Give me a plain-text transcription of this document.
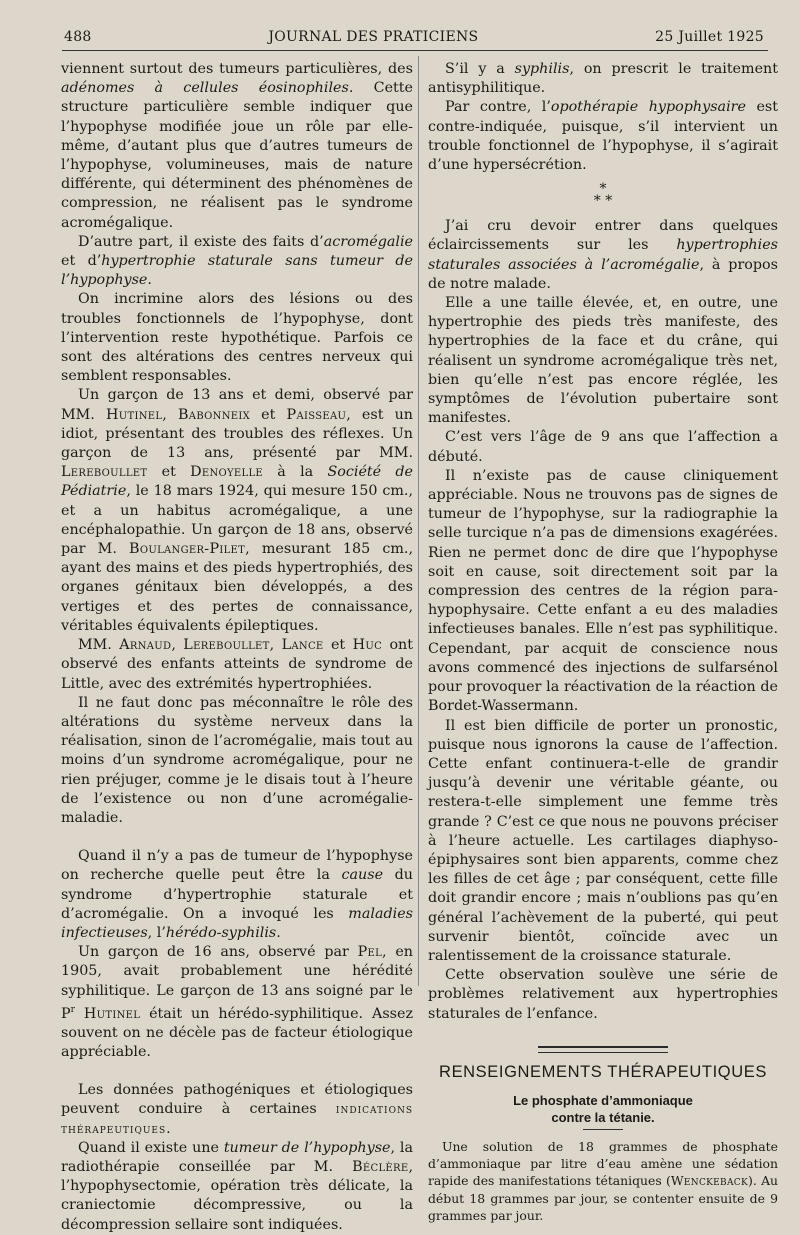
488	JOURNAL DES PRATICIENS	25 Juillet 1925

viennent surtout des tumeurs particulières, des adénomes à cellules éosinophiles. Cette structure particulière semble indiquer que l’hypophyse modifiée joue un rôle par elle-même, d’autant plus que d’autres tumeurs de l’hypophyse, volumineuses, mais de nature différente, qui déterminent des phénomènes de compression, ne réalisent pas le syndrome acromégalique.

D’autre part, il existe des faits d’acromégalie et d’hypertrophie staturale sans tumeur de l’hypophyse.

On incrimine alors des lésions ou des troubles fonctionnels de l’hypophyse, dont l’intervention reste hypothétique. Parfois ce sont des altérations des centres nerveux qui semblent responsables.

Un garçon de 13 ans et demi, observé par MM. Hutinel, Babonneix et Paisseau, est un idiot, présentant des troubles des réflexes. Un garçon de 13 ans, présenté par MM. Lereboullet et Denoyelle à la Société de Pédiatrie, le 18 mars 1924, qui mesure 150 cm., et a un habitus acromégalique, a une encéphalopathie. Un garçon de 18 ans, observé par M. Boulanger-Pilet, mesurant 185 cm., ayant des mains et des pieds hypertrophiés, des organes génitaux bien développés, a des vertiges et des pertes de connaissance, véritables équivalents épileptiques.

MM. Arnaud, Lereboullet, Lance et Huc ont observé des enfants atteints de syndrome de Little, avec des extrémités hypertrophiées.

Il ne faut donc pas méconnaître le rôle des altérations du système nerveux dans la réalisation, sinon de l’acromégalie, mais tout au moins d’un syndrome acromégalique, pour ne rien préjuger, comme je le disais tout à l’heure de l’existence ou non d’une acromégalie-maladie.

Quand il n’y a pas de tumeur de l’hypophyse on recherche quelle peut être la cause du syndrome d’hypertrophie staturale et d’acromégalie. On a invoqué les maladies infectieuses, l’hérédo-syphilis.

Un garçon de 16 ans, observé par Pel, en 1905, avait probablement une hérédité syphilitique. Le garçon de 13 ans soigné par le $P^r$ Hutinel était un hérédo-syphilitique. Assez souvent on ne décèle pas de facteur étiologique appréciable.

Les données pathogéniques et étiologiques peuvent conduire à certaines indications thérapeutiques.

Quand il existe une tumeur de l’hypophyse, la radiothérapie conseillée par M. Béclère, l’hypophysectomie, opération très délicate, la craniectomie décompressive, ou la décompression sellaire sont indiquées.

S’il y a syphilis, on prescrit le traitement antisyphilitique.

Par contre, l’opothérapie hypophysaire est contre-indiquée, puisque, s’il intervient un trouble fonctionnel de l’hypophyse, il s’agirait d’une hypersécrétion.

*
* *

J’ai cru devoir entrer dans quelques éclaircissements sur les hypertrophies staturales associées à l’acromégalie, à propos de notre malade.

Elle a une taille élevée, et, en outre, une hypertrophie des pieds très manifeste, des hypertrophies de la face et du crâne, qui réalisent un syndrome acromégalique très net, bien qu’elle n’est pas encore réglée, les symptômes de l’évolution pubertaire sont manifestes.

C’est vers l’âge de 9 ans que l’affection a débuté.

Il n’existe pas de cause cliniquement appréciable. Nous ne trouvons pas de signes de tumeur de l’hypophyse, sur la radiographie la selle turcique n’a pas de dimensions exagérées. Rien ne permet donc de dire que l’hypophyse soit en cause, soit directement soit par la compression des centres de la région para-hypophysaire. Cette enfant a eu des maladies infectieuses banales. Elle n’est pas syphilitique. Cependant, par acquit de conscience nous avons commencé des injections de sulfarsénol pour provoquer la réactivation de la réaction de Bordet-Wassermann.

Il est bien difficile de porter un pronostic, puisque nous ignorons la cause de l’affection. Cette enfant continuera-t-elle de grandir jusqu’à devenir une véritable géante, ou restera-t-elle simplement une femme très grande ? C’est ce que nous ne pouvons préciser à l’heure actuelle. Les cartilages diaphyso-épiphysaires sont bien apparents, comme chez les filles de cet âge ; par conséquent, cette fille doit grandir encore ; mais n’oublions pas qu’en général l’achèvement de la puberté, qui peut survenir bientôt, coïncide avec un ralentissement de la croissance staturale.

Cette observation soulève une série de problèmes relativement aux hypertrophies staturales de l’enfance.

RENSEIGNEMENTS THÉRAPEUTIQUES
Le phosphate d’ammoniaque
contre la tétanie.

Une solution de 18 grammes de phosphate d’ammoniaque par litre d’eau amène une sédation rapide des manifestations tétaniques (Wenckeback). Au début 18 grammes par jour, se contenter ensuite de 9 grammes par jour.
